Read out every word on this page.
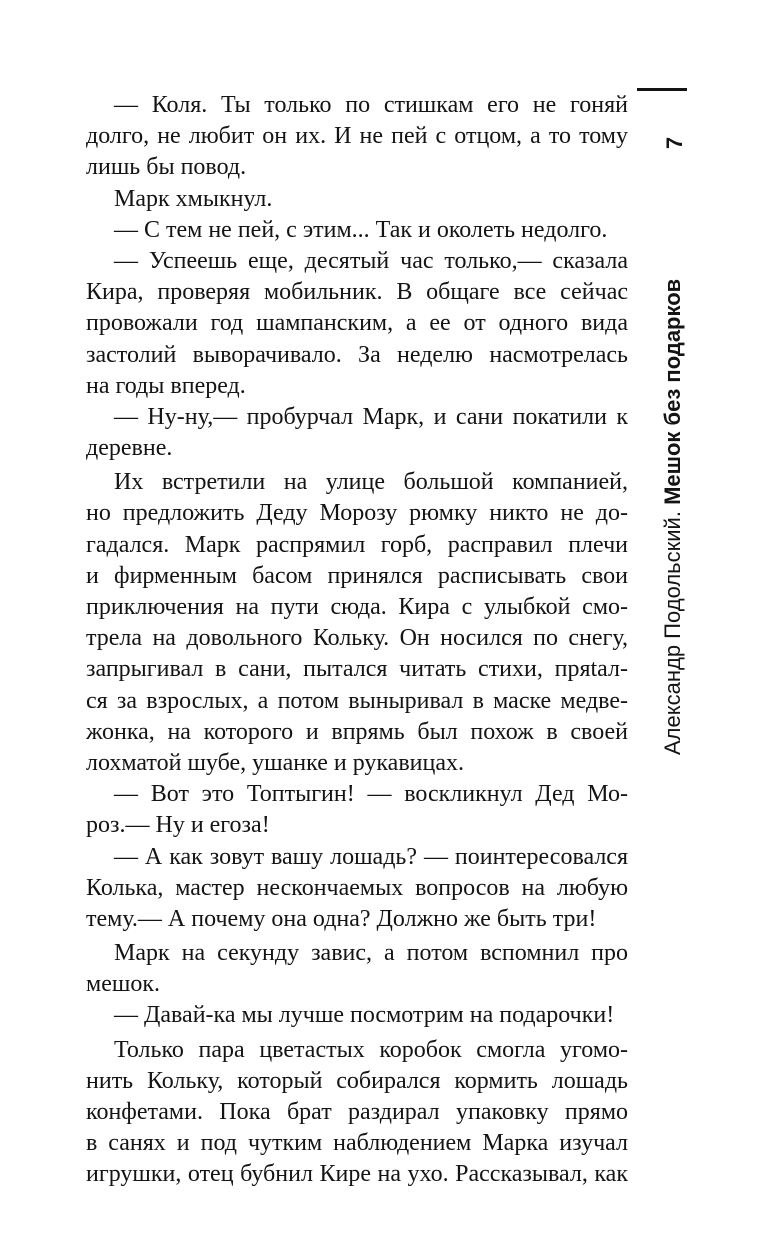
7
Александр Подольский. Мешок без подарков
— Коля. Ты только по стишкам его не гоняй
долго, не любит он их. И не пей с отцом, а то тому
лишь бы повод.
Марк хмыкнул.
— С тем не пей, с этим... Так и околеть недолго.
— Успеешь еще, десятый час только,— сказала
Кира, проверяя мобильник. В общаге все сейчас
провожали год шампанским, а ее от одного вида
застолий выворачивало. За неделю насмотрелась
на годы вперед.
— Ну-ну,— пробурчал Марк, и сани покатили к
деревне.
Их встретили на улице большой компанией,
но предложить Деду Морозу рюмку никто не до-
гадался. Марк распрямил горб, расправил плечи
и фирменным басом принялся расписывать свои
приключения на пути сюда. Кира с улыбкой смо-
трела на довольного Кольку. Он носился по снегу,
запрыгивал в сани, пытался читать стихи, пряtал-
ся за взрослых, а потом выныривал в маске медве-
жонка, на которого и впрямь был похож в своей
лохматой шубе, ушанке и рукавицах.
— Вот это Топтыгин! — воскликнул Дед Мо-
роз.— Ну и егоза!
— А как зовут вашу лошадь? — поинтересовался
Колька, мастер нескончаемых вопросов на любую
тему.— А почему она одна? Должно же быть три!
Марк на секунду завис, а потом вспомнил про
мешок.
— Давай-ка мы лучше посмотрим на подарочки!
Только пара цветастых коробок смогла угомо-
нить Кольку, который собирался кормить лошадь
конфетами. Пока брат раздирал упаковку прямо
в санях и под чутким наблюдением Марка изучал
игрушки, отец бубнил Кире на ухо. Рассказывал, как
